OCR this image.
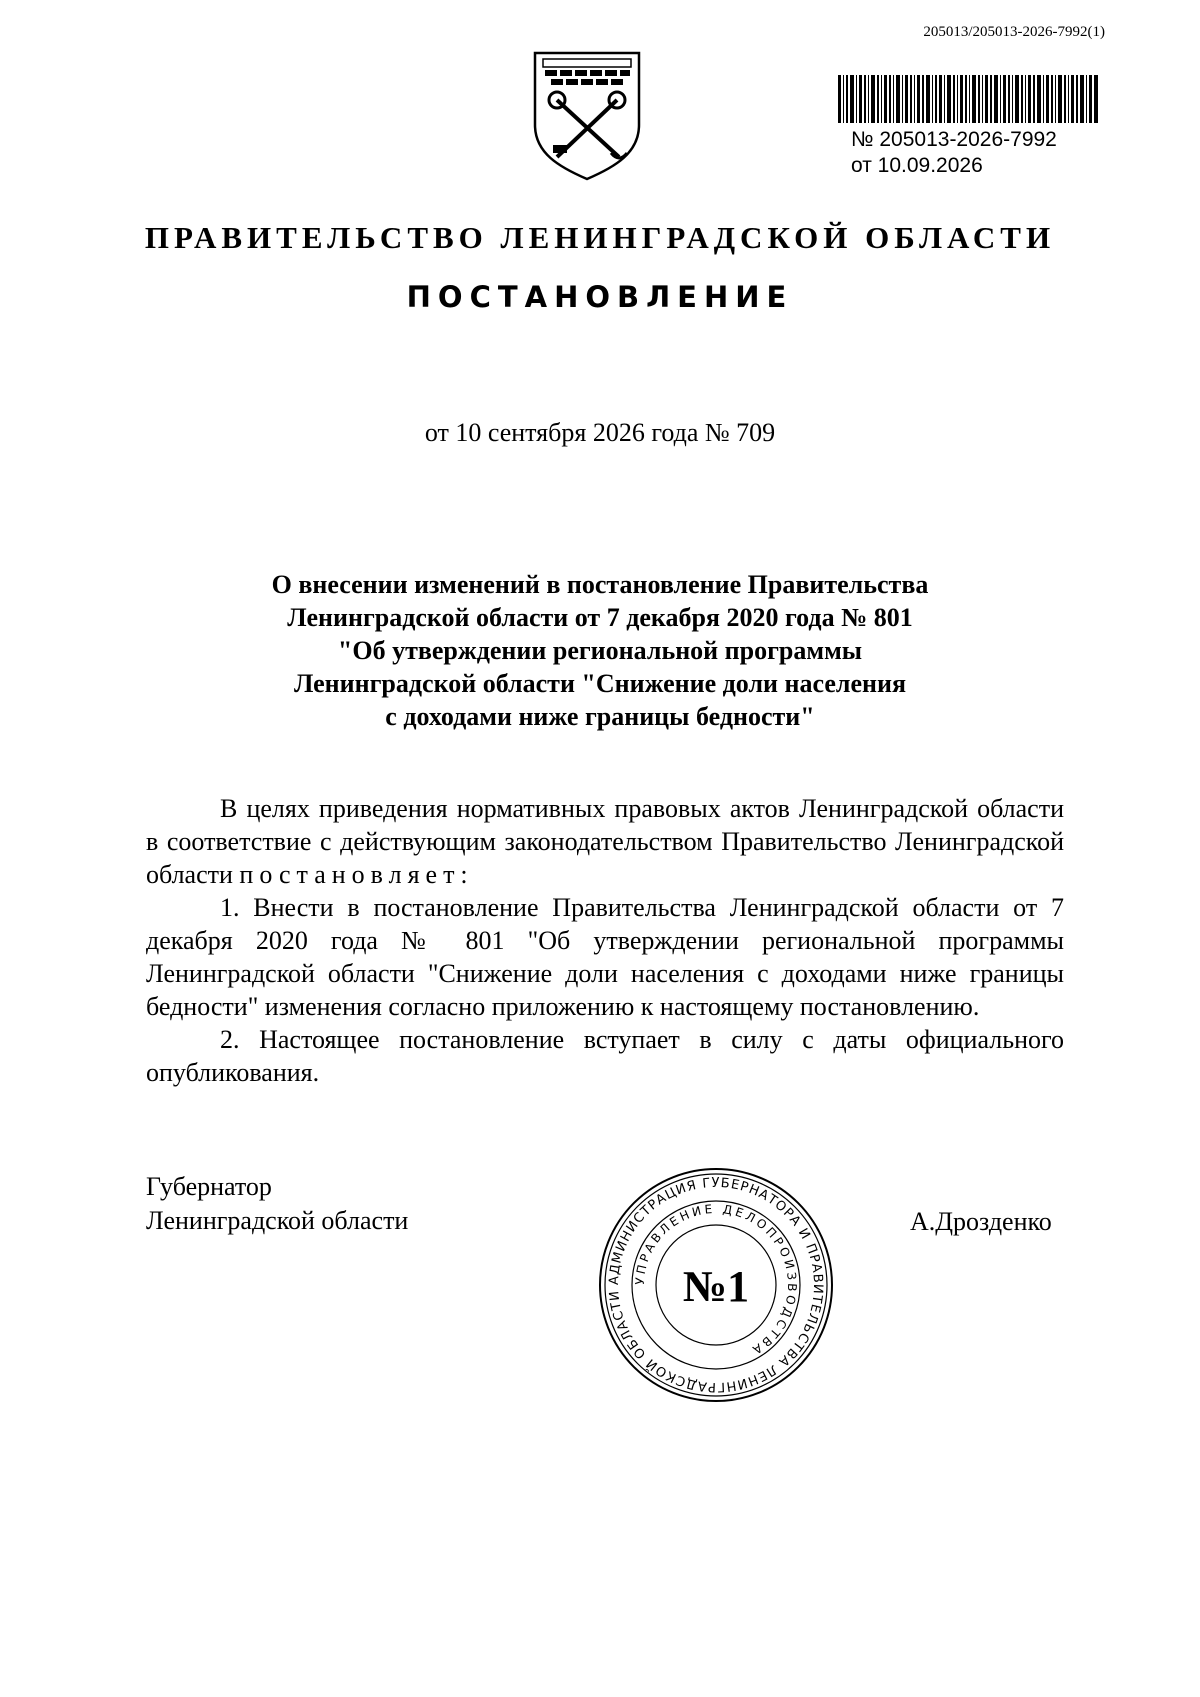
205013/205013-2026-7992(1)
№ 205013-2026-7992
от 10.09.2026
ПРАВИТЕЛЬСТВО ЛЕНИНГРАДСКОЙ ОБЛАСТИ
ПОСТАНОВЛЕНИЕ
от 10 сентября 2026 года № 709
О внесении изменений в постановление Правительства
Ленинградской области от 7 декабря 2020 года № 801
"Об утверждении региональной программы
Ленинградской области "Снижение доли населения
с доходами ниже границы бедности"

В целях приведения нормативных правовых актов Ленинградской области в соответствие с действующим законодательством Правительство Ленинградской области постановляет:

1. Внести в постановление Правительства Ленинградской области от 7 декабря 2020 года № 801 "Об утверждении региональной программы Ленинградской области "Снижение доли населения с доходами ниже границы бедности" изменения согласно приложению к настоящему постановлению.

2. Настоящее постановление вступает в силу с даты официального опубликования.

Губернатор
Ленинградской области	А.Дрозденко
АДМИНИСТРАЦИЯ ГУБЕРНАТОРА И ПРАВИТЕЛЬСТВА ЛЕНИНГРАДСКОЙ ОБЛАСТИ
УПРАВЛЕНИЕ ДЕЛОПРОИЗВОДСТВА
№1
